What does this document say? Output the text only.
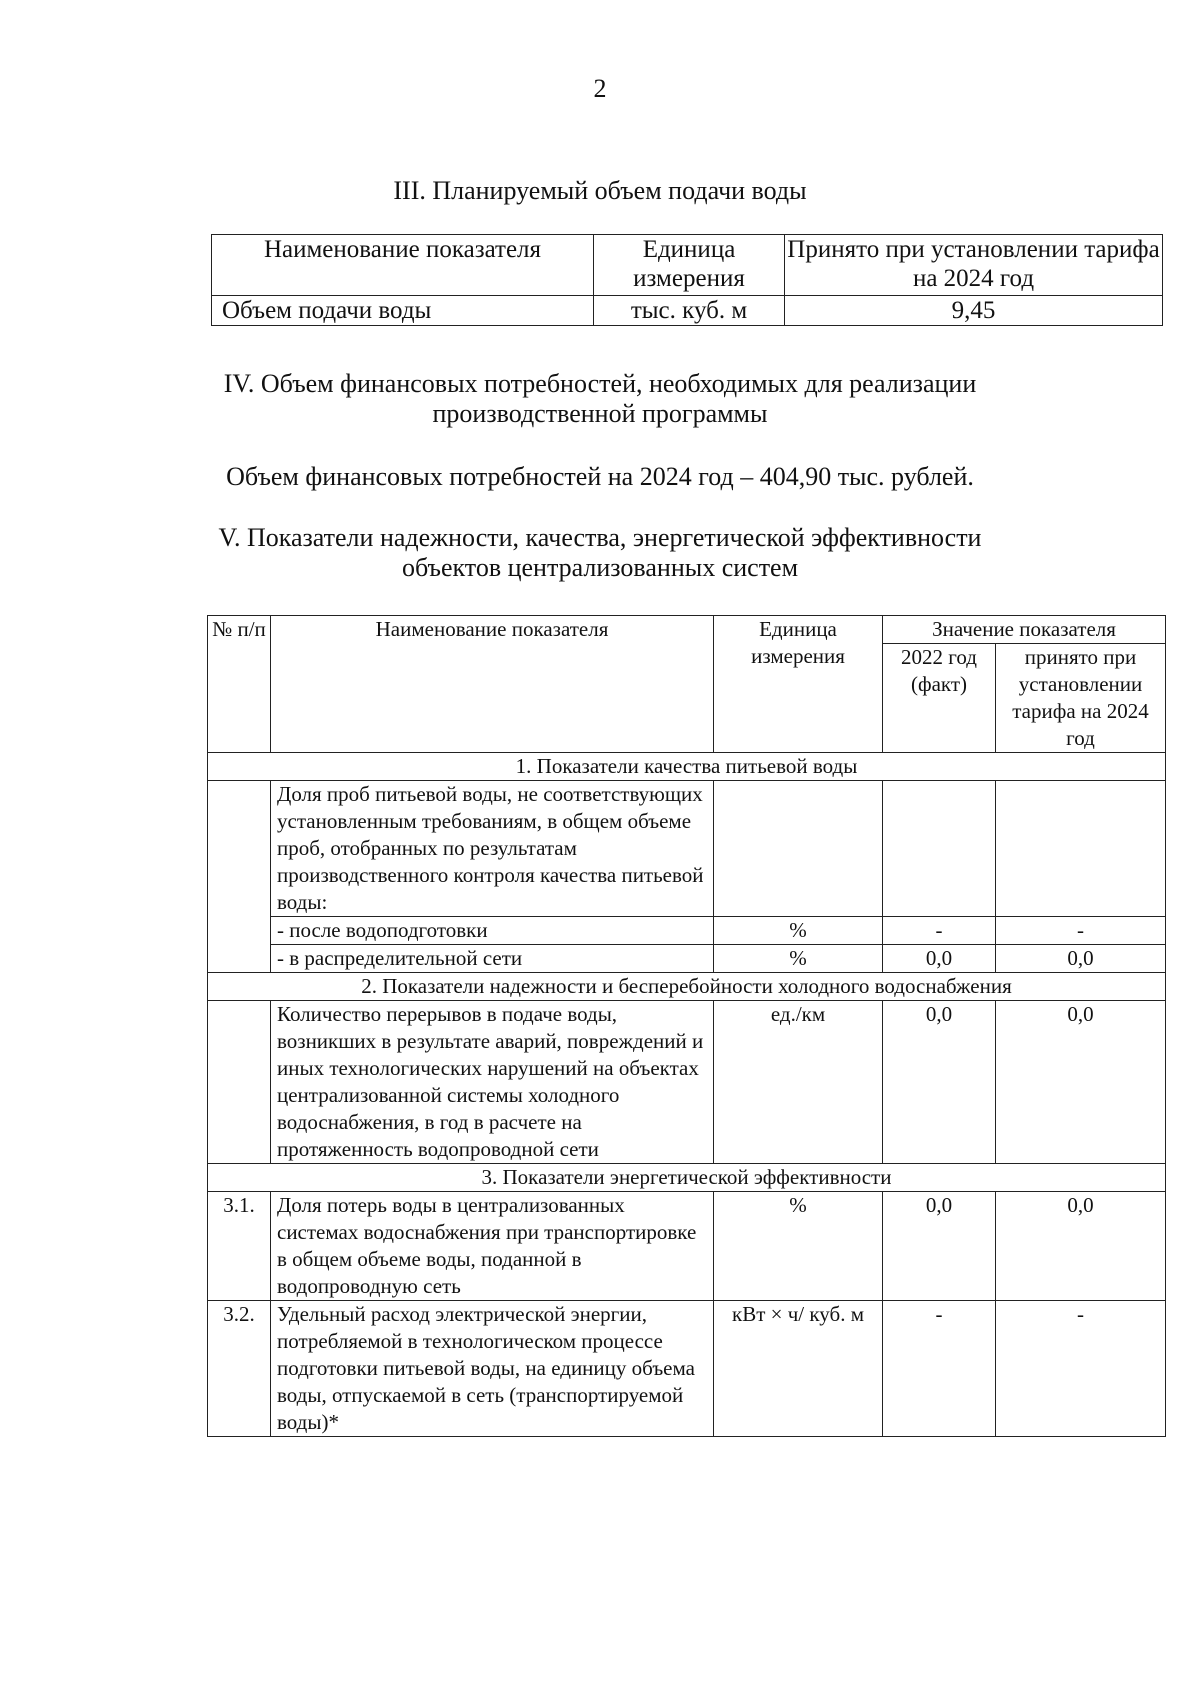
2
III. Планируемый объем подачи воды
Наименование показателя	Единица измерения	Принято при установлении тарифа на 2024 год
Объем подачи воды	тыс. куб. м	9,45
IV. Объем финансовых потребностей, необходимых для реализации
производственной программы
Объем финансовых потребностей на 2024 год – 404,90 тыс. рублей.
V. Показатели надежности, качества, энергетической эффективности
объектов централизованных систем
№ п/п	Наименование показателя	Единица измерения	Значение показателя	
			2022 год (факт)	принято при установлении тарифа на 2024 год
1. Показатели качества питьевой воды				
	Доля проб питьевой воды, не соответствующих установленным требованиям, в общем объеме проб, отобранных по результатам производственного контроля качества питьевой воды:			
	- после водоподготовки	%	-	-
	- в распределительной сети	%	0,0	0,0
2. Показатели надежности и бесперебойности холодного водоснабжения				
	Количество перерывов в подаче воды, возникших в результате аварий, повреждений и иных технологических нарушений на объектах централизованной системы холодного водоснабжения, в год в расчете на протяженность водопроводной сети	ед./км	0,0	0,0
3. Показатели энергетической эффективности				
3.1.	Доля потерь воды в централизованных системах водоснабжения при транспортировке в общем объеме воды, поданной в водопроводную сеть	%	0,0	0,0
3.2.	Удельный расход электрической энергии, потребляемой в технологическом процессе подготовки питьевой воды, на единицу объема воды, отпускаемой в сеть (транспортируемой воды)*	кВт × ч/ куб. м	-	-
